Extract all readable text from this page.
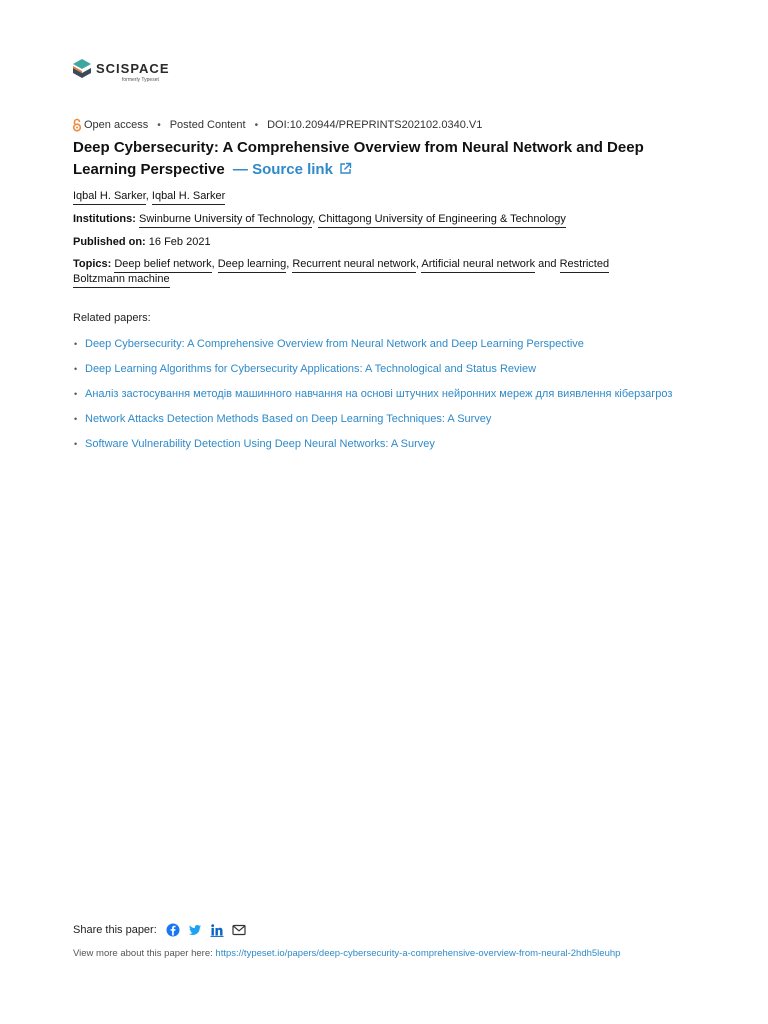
SCISPACE
formerly Typeset
Open access • Posted Content • DOI:10.20944/PREPRINTS202102.0340.V1
Deep Cybersecurity: A Comprehensive Overview from Neural Network and Deep Learning Perspective — Source link
Iqbal H. Sarker, Iqbal H. Sarker
Institutions: Swinburne University of Technology, Chittagong University of Engineering & Technology
Published on: 16 Feb 2021
Topics: Deep belief network, Deep learning, Recurrent neural network, Artificial neural network and Restricted Boltzmann machine
Related papers:
• Deep Cybersecurity: A Comprehensive Overview from Neural Network and Deep Learning Perspective
• Deep Learning Algorithms for Cybersecurity Applications: A Technological and Status Review
• Аналіз застосування методів машинного навчання на основі штучних нейронних мереж для виявлення кіберзагроз
• Network Attacks Detection Methods Based on Deep Learning Techniques: A Survey
• Software Vulnerability Detection Using Deep Neural Networks: A Survey
Share this paper:
View more about this paper here: https://typeset.io/papers/deep-cybersecurity-a-comprehensive-overview-from-neural-2hdh5leuhp
